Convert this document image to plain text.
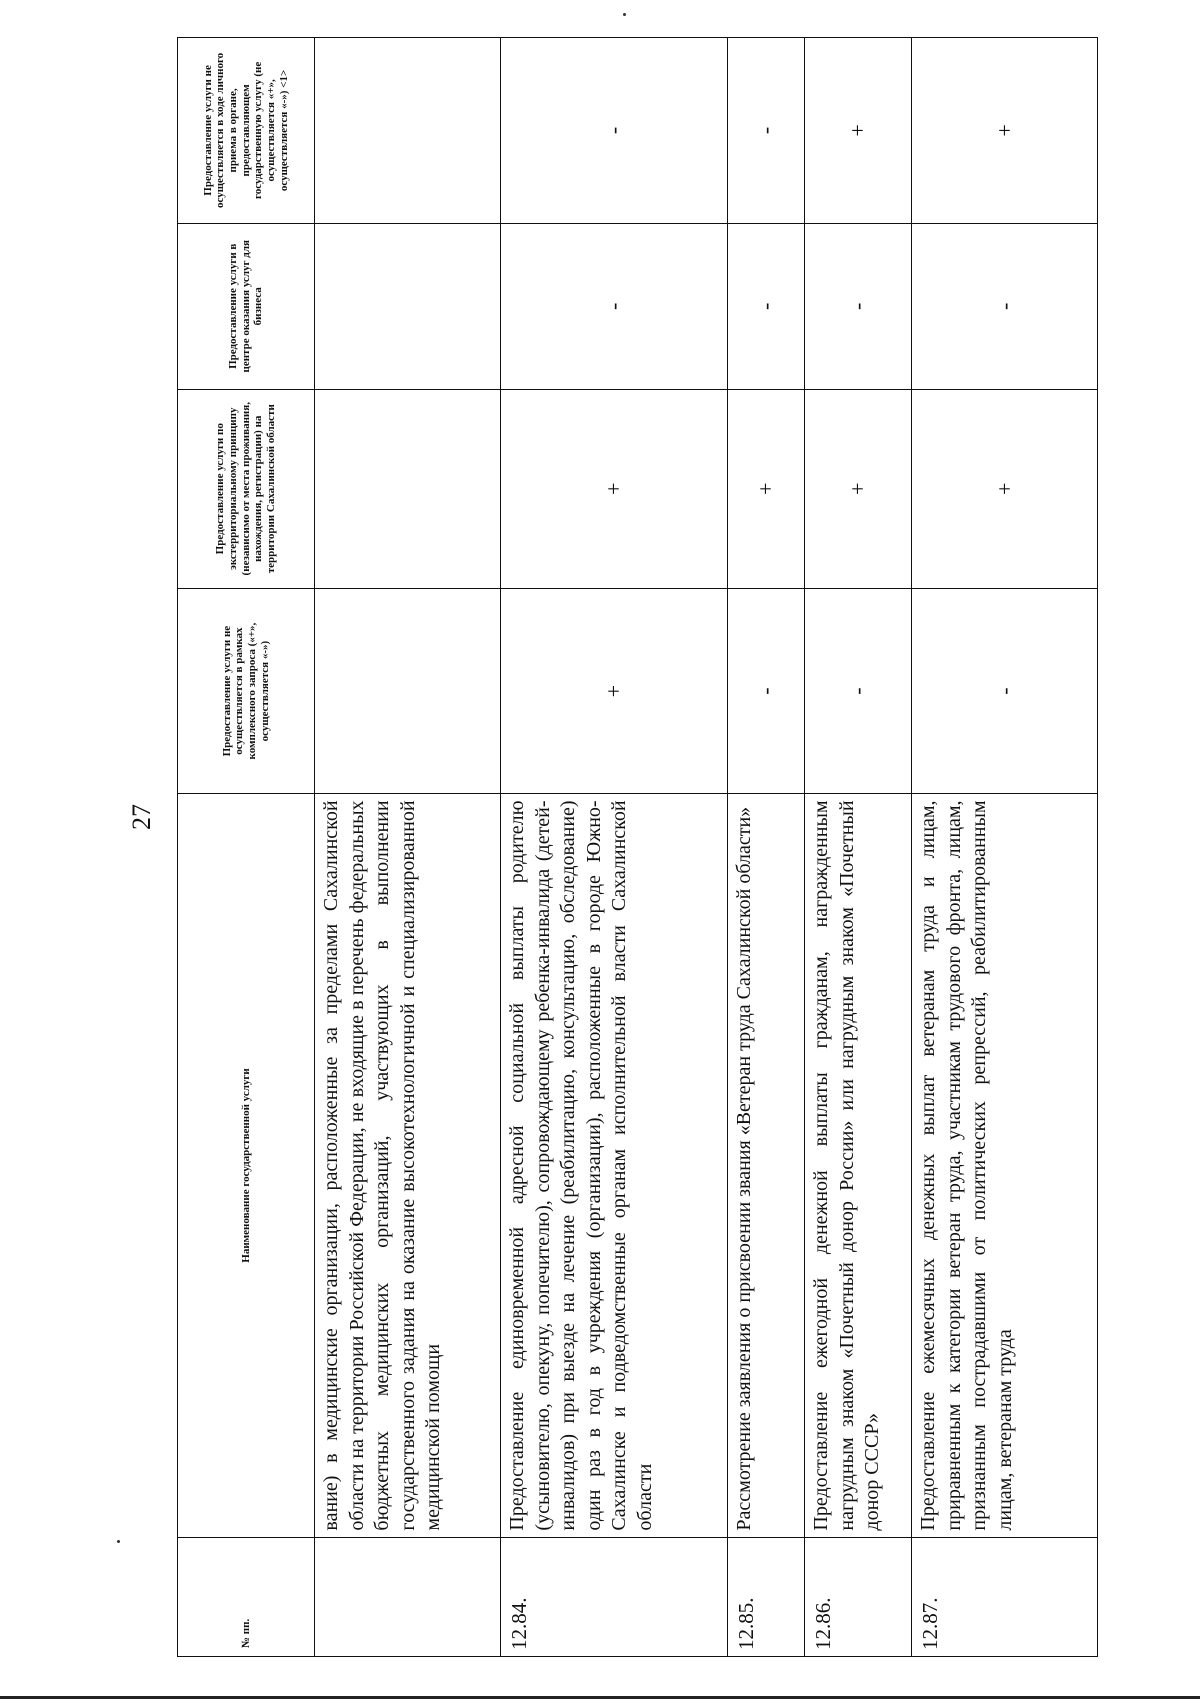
27
№ пп.	Наименование государственной услуги	Предоставление услуги не осуществляется в рамках комплексного запроса («+», осуществляется «-»)	Предоставление услуги по экстерриториальному принципу (независимо от места проживания, нахождения, регистрации) на территории Сахалинской области	Предоставление услуги в центре оказания услуг для бизнеса	Предоставление услуги не осуществляется в ходе личного приема в органе, предоставляющем государственную услугу (не осуществляется «+», осуществляется «-») <1>
	вание) в медицинские организации, расположенные за пределами Сахалинской области на территории Российской Федерации, не входящие в перечень федеральных бюджетных медицинских организаций, участвующих в выполнении государственного задания на оказание высокотехнологичной и специализированной медицинской помощи				
12.84.	Предоставление единовременной адресной социальной выплаты родителю (усыновителю, опекуну, попечителю), сопровождающему ребенка-инвалида (детей-инвалидов) при выезде на лечение (реабилитацию, консультацию, обследование) один раз в год в учреждения (организации), расположенные в городе Южно-Сахалинске и подведомственные органам исполнительной власти Сахалинской области	+	+	-	-
12.85.	Рассмотрение заявления о присвоении звания «Ветеран труда Сахалинской области»	-	+	-	-
12.86.	Предоставление ежегодной денежной выплаты гражданам, награжденным нагрудным знаком «Почетный донор России» или нагрудным знаком «Почетный донор СССР»	-	+	-	+
12.87.	Предоставление ежемесячных денежных выплат ветеранам труда и лицам, приравненным к категории ветеран труда, участникам трудового фронта, лицам, признанным пострадавшими от политических репрессий, реабилитированным лицам, ветеранам труда	-	+	-	+
